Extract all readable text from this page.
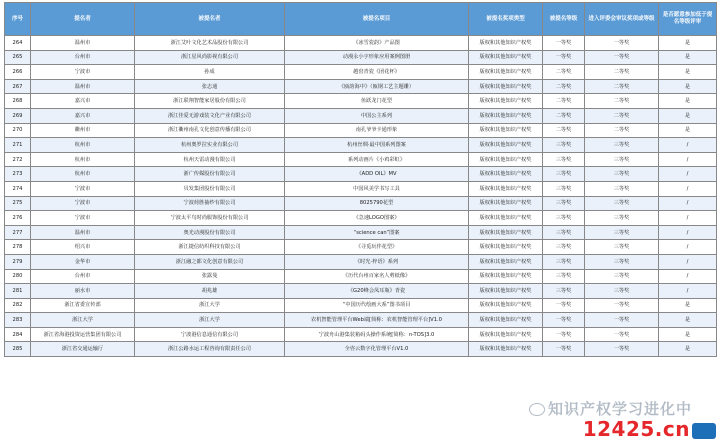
序号	提名者	被提名者	被提名项目	被提名奖项类型	被提名等级	进入评委会审议奖项或等级	是否愿意参加低于提名等级评审
264	温州市	浙江艾叶文化艺术品股份有限公司	《冰雪瓷韵》产品图	版权和其他知识产权奖	一等奖	一等奖	是
265	台州市	浙江星风尚影视有限公司	动漫永小宇形象应用案例图册	版权和其他知识产权奖	一等奖	一等奖	是
266	宁波市	孙成	越窑青瓷《团花杯》	版权和其他知识产权奖	二等奖	二等奖	是
267	温州市	张志通	《瓯韵海中》（瓯钢工艺主题雕）	版权和其他知识产权奖	二等奖	二等奖	是
268	嘉兴市	浙江联翔智能家居股份有限公司	鱼跃龙门花型	版权和其他知识产权奖	二等奖	二等奖	是
269	嘉兴市	浙江佳爱无游戏装文化产业有限公司	中国公主系列	版权和其他知识产权奖	二等奖	二等奖	是
270	衢州市	浙江衢州南孔文化创意传播有限公司	南孔爷爷卡通形象	版权和其他知识产权奖	二等奖	二等奖	是
271	杭州市	杭州奥罗拉实业有限公司	杭州丝绸·最中国系列图案	版权和其他知识产权奖	三等奖	三等奖	/
272	杭州市	杭州天雷动漫有限公司	系列动画片《小鸡彩虹》	版权和其他知识产权奖	三等奖	三等奖	/
273	杭州市	浙广传媒股份有限公司	《ADD OIL》MV	版权和其他知识产权奖	三等奖	三等奖	/
274	宁波市	贝发集团股份有限公司	中国风美学书写工具	版权和其他知识产权奖	三等奖	三等奖	/
275	宁波市	宁波荷胜抽纱有限公司	8025790花型	版权和其他知识产权奖	三等奖	三等奖	/
276	宁波市	宁波太平鸟时尚服饰股份有限公司	《急速LOGO图案》	版权和其他知识产权奖	三等奖	三等奖	/
277	温州市	奥光动漫股份有限公司	“science can”图案	版权和其他知识产权奖	三等奖	三等奖	/
278	绍兴市	浙江捷信纺织科技有限公司	《寻觅玩伴花型》	版权和其他知识产权奖	三等奖	三等奖	/
279	金华市	浙江融之都文化创意有限公司	《时光·梓语》系列	版权和其他知识产权奖	三等奖	三等奖	/
280	台州市	张露曼	《历代台州百家名人剪纸像》	版权和其他知识产权奖	三等奖	三等奖	/
281	丽水市	胡兆雄	《G20峰会凤耳瓶》青瓷	版权和其他知识产权奖	三等奖	三等奖	/
282	浙江省委宣传部	浙江大学	“中国历代绘画大系”图书项目	版权和其他知识产权奖	一等奖	一等奖	是
283	浙江大学	浙江大学	农机智能管理平台Web端[简称：农机智能管理平台]V1.0	版权和其他知识产权奖	一等奖	一等奖	是
284	浙江省海港投资运营集团有限公司	宁波港信息通信有限公司	宁波舟山港集装箱码头操作系统[简称：n-TOS]3.0	版权和其他知识产权奖	一等奖	一等奖	是
285	浙江省交通运输厅	浙江公路水运工程咨询有限责任公司	全咨云数字化管理平台V1.0	版权和其他知识产权奖	一等奖	一等奖	是
知识产权学习进化中
12425.cn
